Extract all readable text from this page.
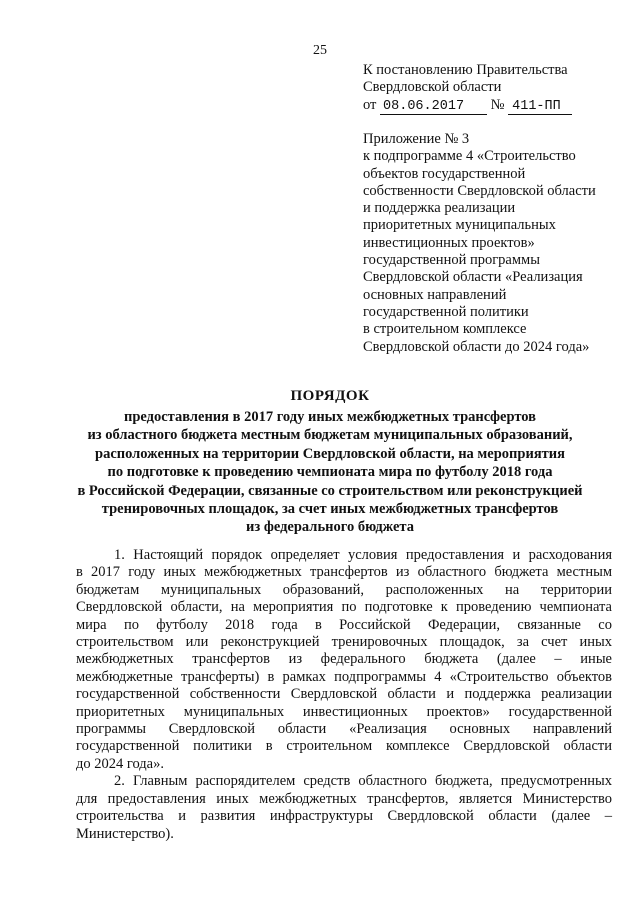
25
К постановлению Правительства
Свердловской области
от 08.06.2017 № 411-ПП
Приложение № 3
к подпрограмме 4 «Строительство
объектов государственной
собственности Свердловской области
и поддержка реализации
приоритетных муниципальных
инвестиционных проектов»
государственной программы
Свердловской области «Реализация
основных направлений
государственной политики
в строительном комплексе
Свердловской области до 2024 года»
ПОРЯДОК
предоставления в 2017 году иных межбюджетных трансфертов
из областного бюджета местным бюджетам муниципальных образований,
расположенных на территории Свердловской области, на мероприятия
по подготовке к проведению чемпионата мира по футболу 2018 года
в Российской Федерации, связанные со строительством или реконструкцией
тренировочных площадок, за счет иных межбюджетных трансфертов
из федерального бюджета

1. Настоящий порядок определяет условия предоставления и расходования
в 2017 году иных межбюджетных трансфертов из областного бюджета местным
бюджетам муниципальных образований, расположенных на территории
Свердловской области, на мероприятия по подготовке к проведению чемпионата
мира по футболу 2018 года в Российской Федерации, связанные со
строительством или реконструкцией тренировочных площадок, за счет иных
межбюджетных трансфертов из федерального бюджета (далее – иные
межбюджетные трансферты) в рамках подпрограммы 4 «Строительство объектов
государственной собственности Свердловской области и поддержка реализации
приоритетных муниципальных инвестиционных проектов» государственной
программы Свердловской области «Реализация основных направлений
государственной политики в строительном комплексе Свердловской области
до 2024 года».

2. Главным распорядителем средств областного бюджета, предусмотренных
для предоставления иных межбюджетных трансфертов, является Министерство
строительства и развития инфраструктуры Свердловской области (далее –
Министерство).
